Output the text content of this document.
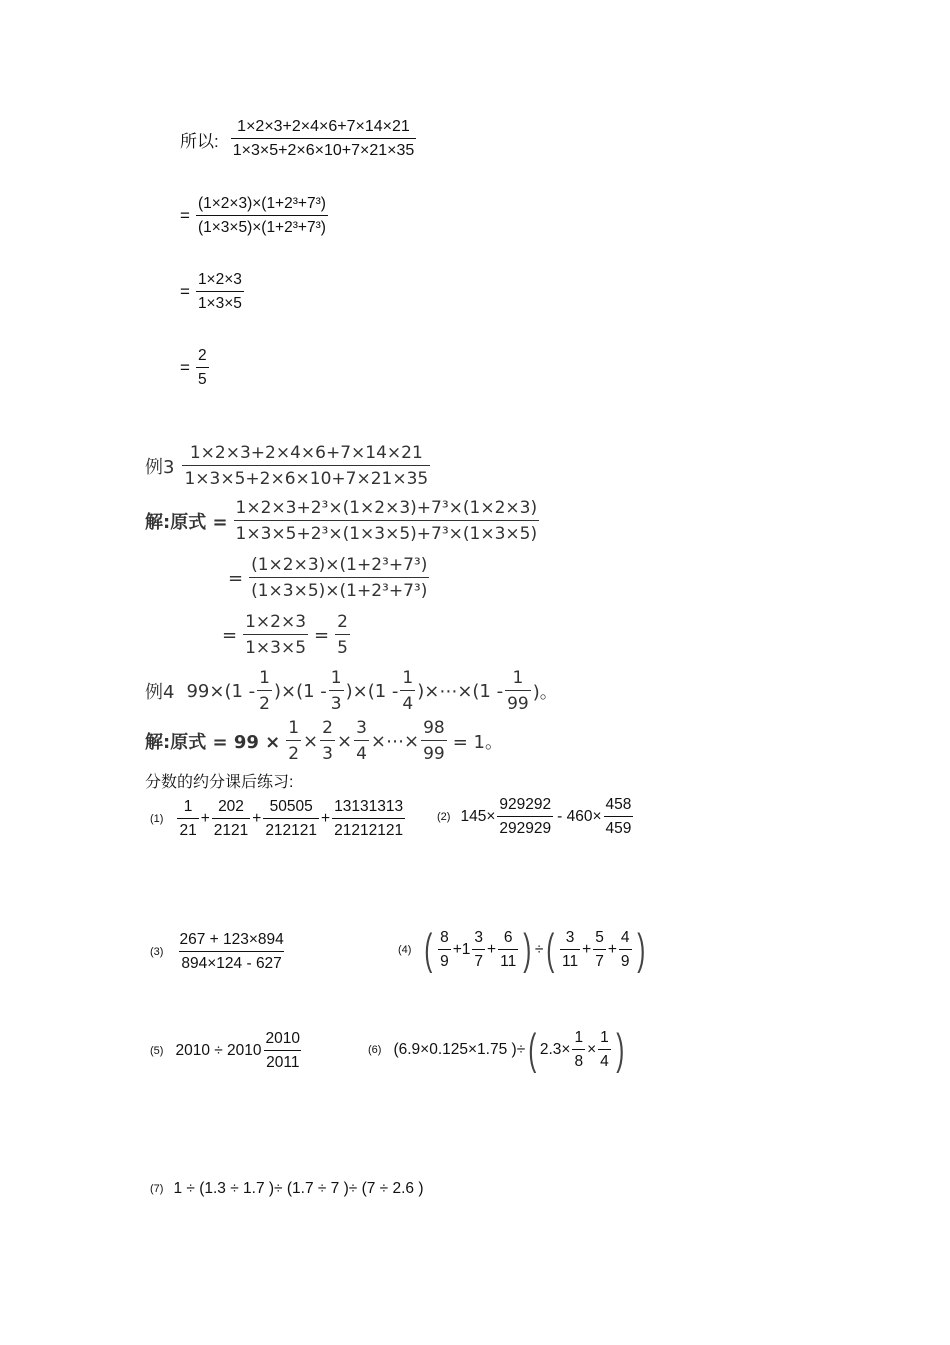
所以: $\frac{1\times 2\times 3+2\times 4\times 6+7\times 14\times 21}{1\times 3\times 5+2\times 6\times 10+7\times 21\times 35}$
= $\frac{\text{(1×2×3)×(1+2³+7³)}}{\text{(1×3×5)×(1+2³+7³)}}$
= $\frac{1\times 2\times 3}{1\times 3\times 5}$
= $\frac{2}{5}$
例$3 \frac{1\times 2\times 3+2\times 4\times 6+7\times 14\times 21}{1\times 3\times 5+2\times 6\times 10+7\times 21\times 35}$
解:原式 = $\frac{\text{1×2×3+2³×(1×2×3)+7³×(1×2×3)}}{\text{1×3×5+2³×(1×3×5)+7³×(1×3×5)}}$
= $\frac{\text{(1×2×3)×(1+2³+7³)}}{\text{(1×3×5)×(1+2³+7³)}}$
= $\frac{1\times 2\times 3}{1\times 3\times 5} = \frac{2}{5}$
例4 $99\times(1 - \frac{1}{2} )\times(1 - \frac{1}{3} )\times(1 - \frac{1}{4}$ )×⋯×(1 - $\frac{1}{99}$ )。
解:原式 = $99 \times \frac{1}{2} \times \frac{2}{3} \times \frac{3}{4}$ ×⋯× $\frac{98}{99} = 1$。
分数的约分课后练习:
$(1) \frac{1}{21} + \frac{202}{2121} + \frac{50505}{212121} + \frac{13131313}{21212121}$	(2) $145\times \frac{929292}{292929} - 460\times \frac{458}{459}$
$(3) \frac{267 + 123\times 894}{894\times 124 - 627}$	(4) ( $\frac{8}{9} +1 \frac{3}{7} + \frac{6}{11}$ ) ÷ ( $\frac{3}{11} + \frac{5}{7} + \frac{4}{9}$ )
(5) $2010 \div 2010 \frac{2010}{2011}$	(6) (6.9×0.125×1.75 )÷ ( $2.3\times \frac{1}{8} \times \frac{1}{4}$ )
(7) 1 ÷ (1.3 ÷ 1.7 )÷ (1.7 ÷ 7 )÷ (7 ÷ 2.6 )
